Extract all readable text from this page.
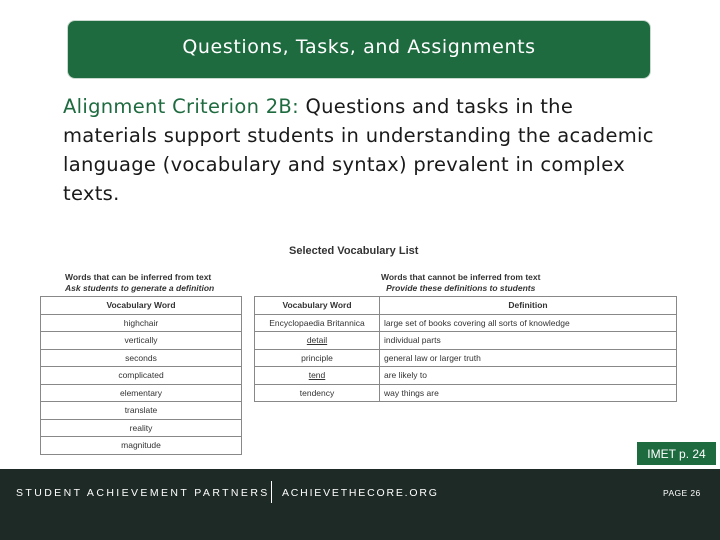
Questions, Tasks, and Assignments
Alignment Criterion 2B: Questions and tasks in the materials support students in understanding the academic language (vocabulary and syntax) prevalent in complex texts.
Selected Vocabulary List
Words that can be inferred from text
Ask students to generate a definition
Words that cannot be inferred from text
Provide these definitions to students
Vocabulary Word
highchair
vertically
seconds
complicated
elementary
translate
reality
magnitude
Vocabulary Word	Definition
Encyclopaedia Britannica	large set of books covering all sorts of knowledge
detail	individual parts
principle	general law or larger truth
tend	are likely to
tendency	way things are
IMET p. 24
STUDENT ACHIEVEMENT PARTNERS ACHIEVETHECORE.ORG	PAGE 26
